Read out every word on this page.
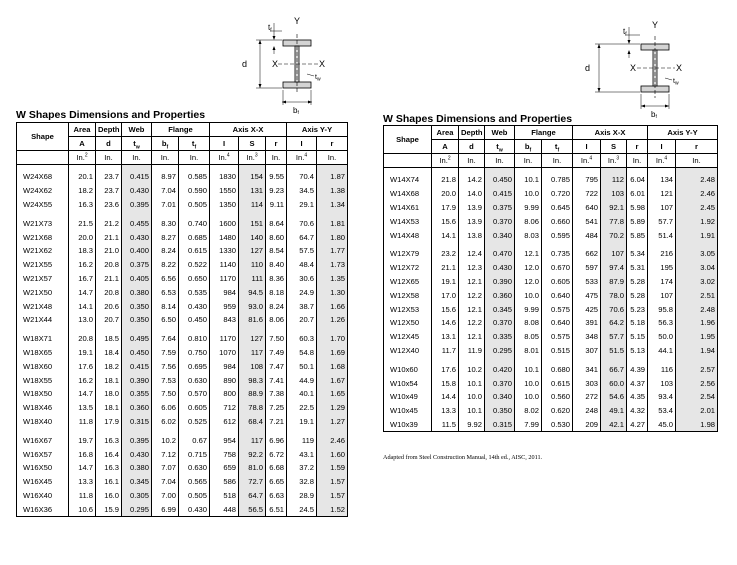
tf
Y
X	X
d
$t_w$
bf
W Shapes Dimensions and Properties
Shape	Area	Depth	Web	Flange		Axis X-X			Axis Y-Y	
	A	d	$t_w$	$b_f$	$t_f$	I	S	r	I	r
	In.$^2$	In.	In.	In.	In.	In.$^4$	In.$^3$	In.	In.$^4$	In.
W24X68	20.1	23.7	0.415	8.97	0.585	1830	154	9.55	70.4	1.87
W24X62	18.2	23.7	0.430	7.04	0.590	1550	131	9.23	34.5	1.38
W24X55	16.3	23.6	0.395	7.01	0.505	1350	114	9.11	29.1	1.34
W21X73	21.5	21.2	0.455	8.30	0.740	1600	151	8.64	70.6	1.81
W21X68	20.0	21.1	0.430	8.27	0.685	1480	140	8.60	64.7	1.80
W21X62	18.3	21.0	0.400	8.24	0.615	1330	127	8.54	57.5	1.77
W21X55	16.2	20.8	0.375	8.22	0.522	1140	110	8.40	48.4	1.73
W21X57	16.7	21.1	0.405	6.56	0.650	1170	111	8.36	30.6	1.35
W21X50	14.7	20.8	0.380	6.53	0.535	984	94.5	8.18	24.9	1.30
W21X48	14.1	20.6	0.350	8.14	0.430	959	93.0	8.24	38.7	1.66
W21X44	13.0	20.7	0.350	6.50	0.450	843	81.6	8.06	20.7	1.26
W18X71	20.8	18.5	0.495	7.64	0.810	1170	127	7.50	60.3	1.70
W18X65	19.1	18.4	0.450	7.59	0.750	1070	117	7.49	54.8	1.69
W18X60	17.6	18.2	0.415	7.56	0.695	984	108	7.47	50.1	1.68
W18X55	16.2	18.1	0.390	7.53	0.630	890	98.3	7.41	44.9	1.67
W18X50	14.7	18.0	0.355	7.50	0.570	800	88.9	7.38	40.1	1.65
W18X46	13.5	18.1	0.360	6.06	0.605	712	78.8	7.25	22.5	1.29
W18X40	11.8	17.9	0.315	6.02	0.525	612	68.4	7.21	19.1	1.27
W16X67	19.7	16.3	0.395	10.2	0.67	954	117	6.96	119	2.46
W16X57	16.8	16.4	0.430	7.12	0.715	758	92.2	6.72	43.1	1.60
W16X50	14.7	16.3	0.380	7.07	0.630	659	81.0	6.68	37.2	1.59
W16X45	13.3	16.1	0.345	7.04	0.565	586	72.7	6.65	32.8	1.57
W16X40	11.8	16.0	0.305	7.00	0.505	518	64.7	6.63	28.9	1.57
W16X36	10.6	15.9	0.295	6.99	0.430	448	56.5	6.51	24.5	1.52
tf
Y
X	X
d
$t_w$
bf
W Shapes Dimensions and Properties
Shape	Area	Depth	Web	Flange		Axis X-X			Axis Y-Y	
	A	d	$t_w$	$b_f$	$t_f$	I	S	r	I	r
	In.$^2$	In.	In.	In.	In.	In.$^4$	In.$^3$	In.	In.$^4$	In.
W14X74	21.8	14.2	0.450	10.1	0.785	795	112	6.04	134	2.48
W14X68	20.0	14.0	0.415	10.0	0.720	722	103	6.01	121	2.46
W14X61	17.9	13.9	0.375	9.99	0.645	640	92.1	5.98	107	2.45
W14X53	15.6	13.9	0.370	8.06	0.660	541	77.8	5.89	57.7	1.92
W14X48	14.1	13.8	0.340	8.03	0.595	484	70.2	5.85	51.4	1.91
W12X79	23.2	12.4	0.470	12.1	0.735	662	107	5.34	216	3.05
W12X72	21.1	12.3	0.430	12.0	0.670	597	97.4	5.31	195	3.04
W12X65	19.1	12.1	0.390	12.0	0.605	533	87.9	5.28	174	3.02
W12X58	17.0	12.2	0.360	10.0	0.640	475	78.0	5.28	107	2.51
W12X53	15.6	12.1	0.345	9.99	0.575	425	70.6	5.23	95.8	2.48
W12X50	14.6	12.2	0.370	8.08	0.640	391	64.2	5.18	56.3	1.96
W12X45	13.1	12.1	0.335	8.05	0.575	348	57.7	5.15	50.0	1.95
W12X40	11.7	11.9	0.295	8.01	0.515	307	51.5	5.13	44.1	1.94
W10x60	17.6	10.2	0.420	10.1	0.680	341	66.7	4.39	116	2.57
W10x54	15.8	10.1	0.370	10.0	0.615	303	60.0	4.37	103	2.56
W10x49	14.4	10.0	0.340	10.0	0.560	272	54.6	4.35	93.4	2.54
W10x45	13.3	10.1	0.350	8.02	0.620	248	49.1	4.32	53.4	2.01
W10x39	11.5	9.92	0.315	7.99	0.530	209	42.1	4.27	45.0	1.98
Adapted from Steel Construction Manual, 14th ed., AISC, 2011.
